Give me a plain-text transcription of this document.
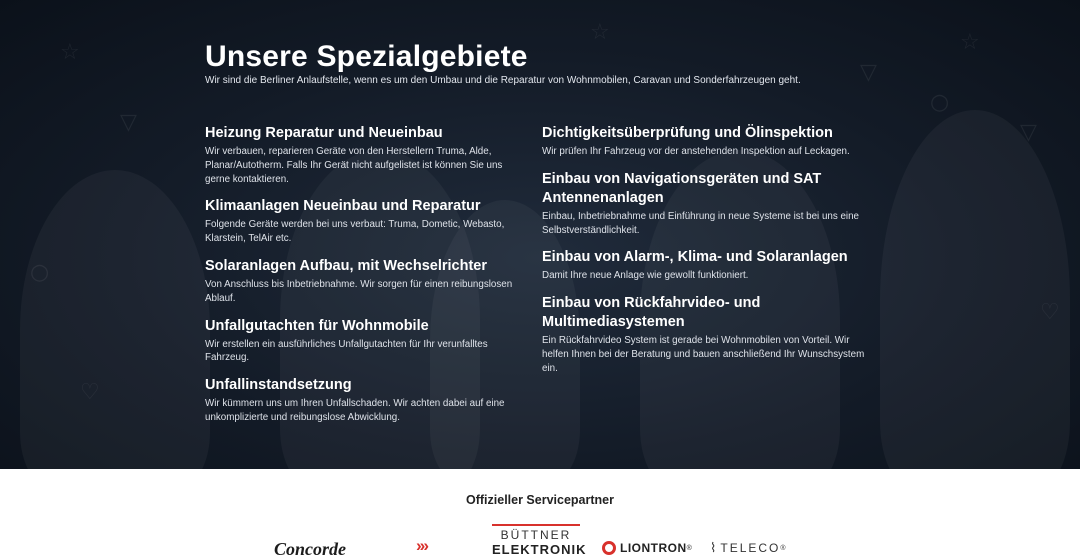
☆
▽
○
☆
▽
○
♡
♡
☆
▽
Unsere Spezialgebiete

Wir sind die Berliner Anlaufstelle, wenn es um den Umbau und die Reparatur von Wohnmobilen, Caravan und Sonderfahrzeugen geht.

Heizung Reparatur und Neueinbau

Wir verbauen, reparieren Geräte von den Herstellern Truma, Alde, Planar/Autotherm. Falls Ihr Gerät nicht aufgelistet ist können Sie uns gerne kontaktieren.

Klimaanlagen Neueinbau und Reparatur

Folgende Geräte werden bei uns verbaut: Truma, Dometic, Webasto, Klarstein, TelAir etc.

Solaranlagen Aufbau, mit Wechselrichter

Von Anschluss bis Inbetriebnahme. Wir sorgen für einen reibungslosen Ablauf.

Unfallgutachten für Wohnmobile

Wir erstellen ein ausführliches Unfallgutachten für Ihr verunfalltes Fahrzeug.

Unfallinstandsetzung

Wir kümmern uns um Ihren Unfallschaden. Wir achten dabei auf eine unkomplizierte und reibungslose Abwicklung.

Dichtigkeitsüberprüfung und Ölinspektion

Wir prüfen Ihr Fahrzeug vor der anstehenden Inspektion auf Leckagen.

Einbau von Navigationsgeräten und SAT Antennenanlagen

Einbau, Inbetriebnahme und Einführung in neue Systeme ist bei uns eine Selbstverständlichkeit.

Einbau von Alarm-, Klima- und Solaranlagen

Damit Ihre neue Anlage wie gewollt funktioniert.

Einbau von Rückfahrvideo- und Multimediasystemen

Ein Rückfahrvideo System ist gerade bei Wohnmobilen von Vorteil. Wir helfen Ihnen bei der Beratung und bauen anschließend Ihr Wunschsystem ein.

Offizieller Servicepartner
Concorde	›››
BÜTTNER
ELEKTRONIK	LIONTRON ® ⌇ TELECO ®
